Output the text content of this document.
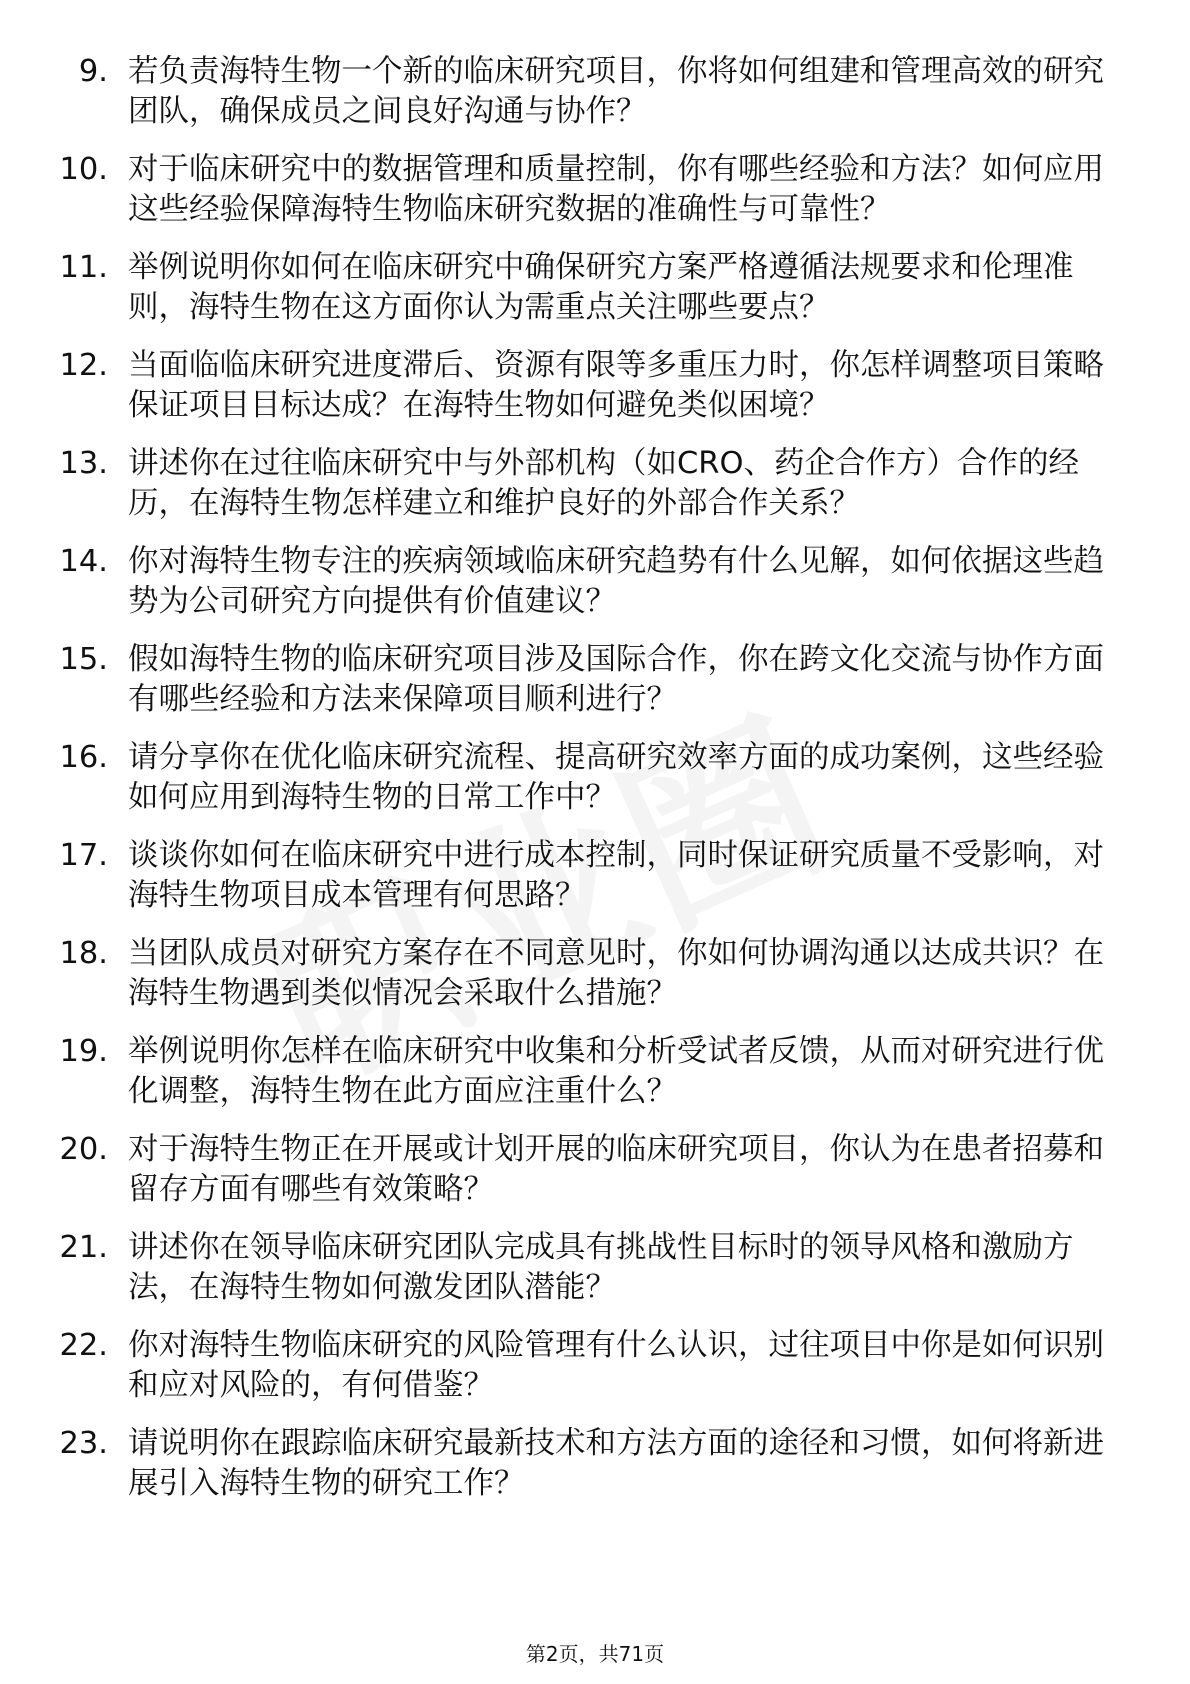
9. 若负责海特生物一个新的临床研究项目，你将如何组建和管理高效的研究团队，确保成员之间良好沟通与协作？
10. 对于临床研究中的数据管理和质量控制，你有哪些经验和方法？如何应用这些经验保障海特生物临床研究数据的准确性与可靠性？
11. 举例说明你如何在临床研究中确保研究方案严格遵循法规要求和伦理准则，海特生物在这方面你认为需重点关注哪些要点？
12. 当面临临床研究进度滞后、资源有限等多重压力时，你怎样调整项目策略保证项目目标达成？在海特生物如何避免类似困境？
13. 讲述你在过往临床研究中与外部机构（如CRO、药企合作方）合作的经历，在海特生物怎样建立和维护良好的外部合作关系？
14. 你对海特生物专注的疾病领域临床研究趋势有什么见解，如何依据这些趋势为公司研究方向提供有价值建议？
15. 假如海特生物的临床研究项目涉及国际合作，你在跨文化交流与协作方面有哪些经验和方法来保障项目顺利进行？
16. 请分享你在优化临床研究流程、提高研究效率方面的成功案例，这些经验如何应用到海特生物的日常工作中？
17. 谈谈你如何在临床研究中进行成本控制，同时保证研究质量不受影响，对海特生物项目成本管理有何思路？
18. 当团队成员对研究方案存在不同意见时，你如何协调沟通以达成共识？在海特生物遇到类似情况会采取什么措施？
19. 举例说明你怎样在临床研究中收集和分析受试者反馈，从而对研究进行优化调整，海特生物在此方面应注重什么？
20. 对于海特生物正在开展或计划开展的临床研究项目，你认为在患者招募和留存方面有哪些有效策略？
21. 讲述你在领导临床研究团队完成具有挑战性目标时的领导风格和激励方法，在海特生物如何激发团队潜能？
22. 你对海特生物临床研究的风险管理有什么认识，过往项目中你是如何识别和应对风险的，有何借鉴？
23. 请说明你在跟踪临床研究最新技术和方法方面的途径和习惯，如何将新进展引入海特生物的研究工作？
第2页，共71页
